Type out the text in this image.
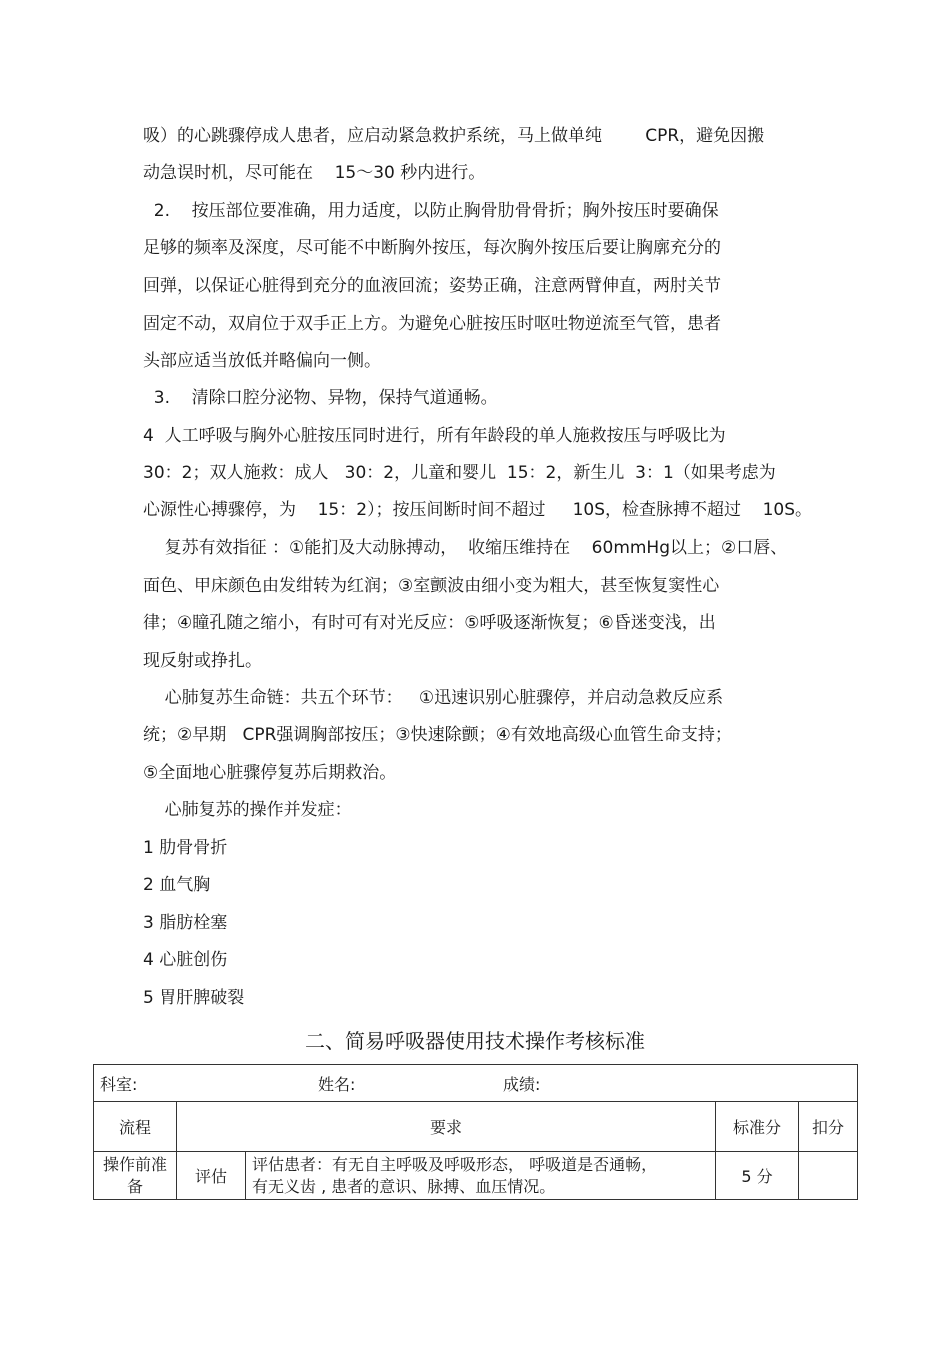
吸）的心跳骤停成人患者，应启动紧急救护系统，马上做单纯        CPR，避免因搬
动急误时机，尽可能在    15～30 秒内进行。
2.    按压部位要准确，用力适度，以防止胸骨肋骨骨折；胸外按压时要确保
足够的频率及深度，尽可能不中断胸外按压，每次胸外按压后要让胸廓充分的
回弹，以保证心脏得到充分的血液回流；姿势正确，注意两臂伸直，两肘关节
固定不动，双肩位于双手正上方。为避免心脏按压时呕吐物逆流至气管，患者
头部应适当放低并略偏向一侧。
3.    清除口腔分泌物、异物，保持气道通畅。
4  人工呼吸与胸外心脏按压同时进行，所有年龄段的单人施救按压与呼吸比为
30：2；双人施救：成人   30：2，儿童和婴儿  15：2，新生儿  3：1（如果考虑为
心源性心搏骤停，为    15：2）；按压间断时间不超过     10S，检查脉搏不超过    10S。
复苏有效指征 ：①能扪及大动脉搏动，  收缩压维持在    60mmHg以上；②口唇、
面色、甲床颜色由发绀转为红润；③室颤波由细小变为粗大，甚至恢复窦性心
律；④瞳孔随之缩小，有时可有对光反应：⑤呼吸逐渐恢复；⑥昏迷变浅，出
现反射或挣扎。
心肺复苏生命链：共五个环节：   ①迅速识别心脏骤停，并启动急救反应系
统；②早期   CPR强调胸部按压；③快速除颤；④有效地高级心血管生命支持；
⑤全面地心脏骤停复苏后期救治。
心肺复苏的操作并发症：
1 肋骨骨折
2 血气胸
3 脂肪栓塞
4 心脏创伤
5 胃肝脾破裂
二、简易呼吸器使用技术操作考核标准
科室: 姓名: 成绩:				
流程	要求		标准分	扣分
操作前准备	评估	评估患者：有无自主呼吸及呼吸形态， 呼吸道是否通畅，
有无义齿 , 患者的意识、脉搏、血压情况。	5 分	
